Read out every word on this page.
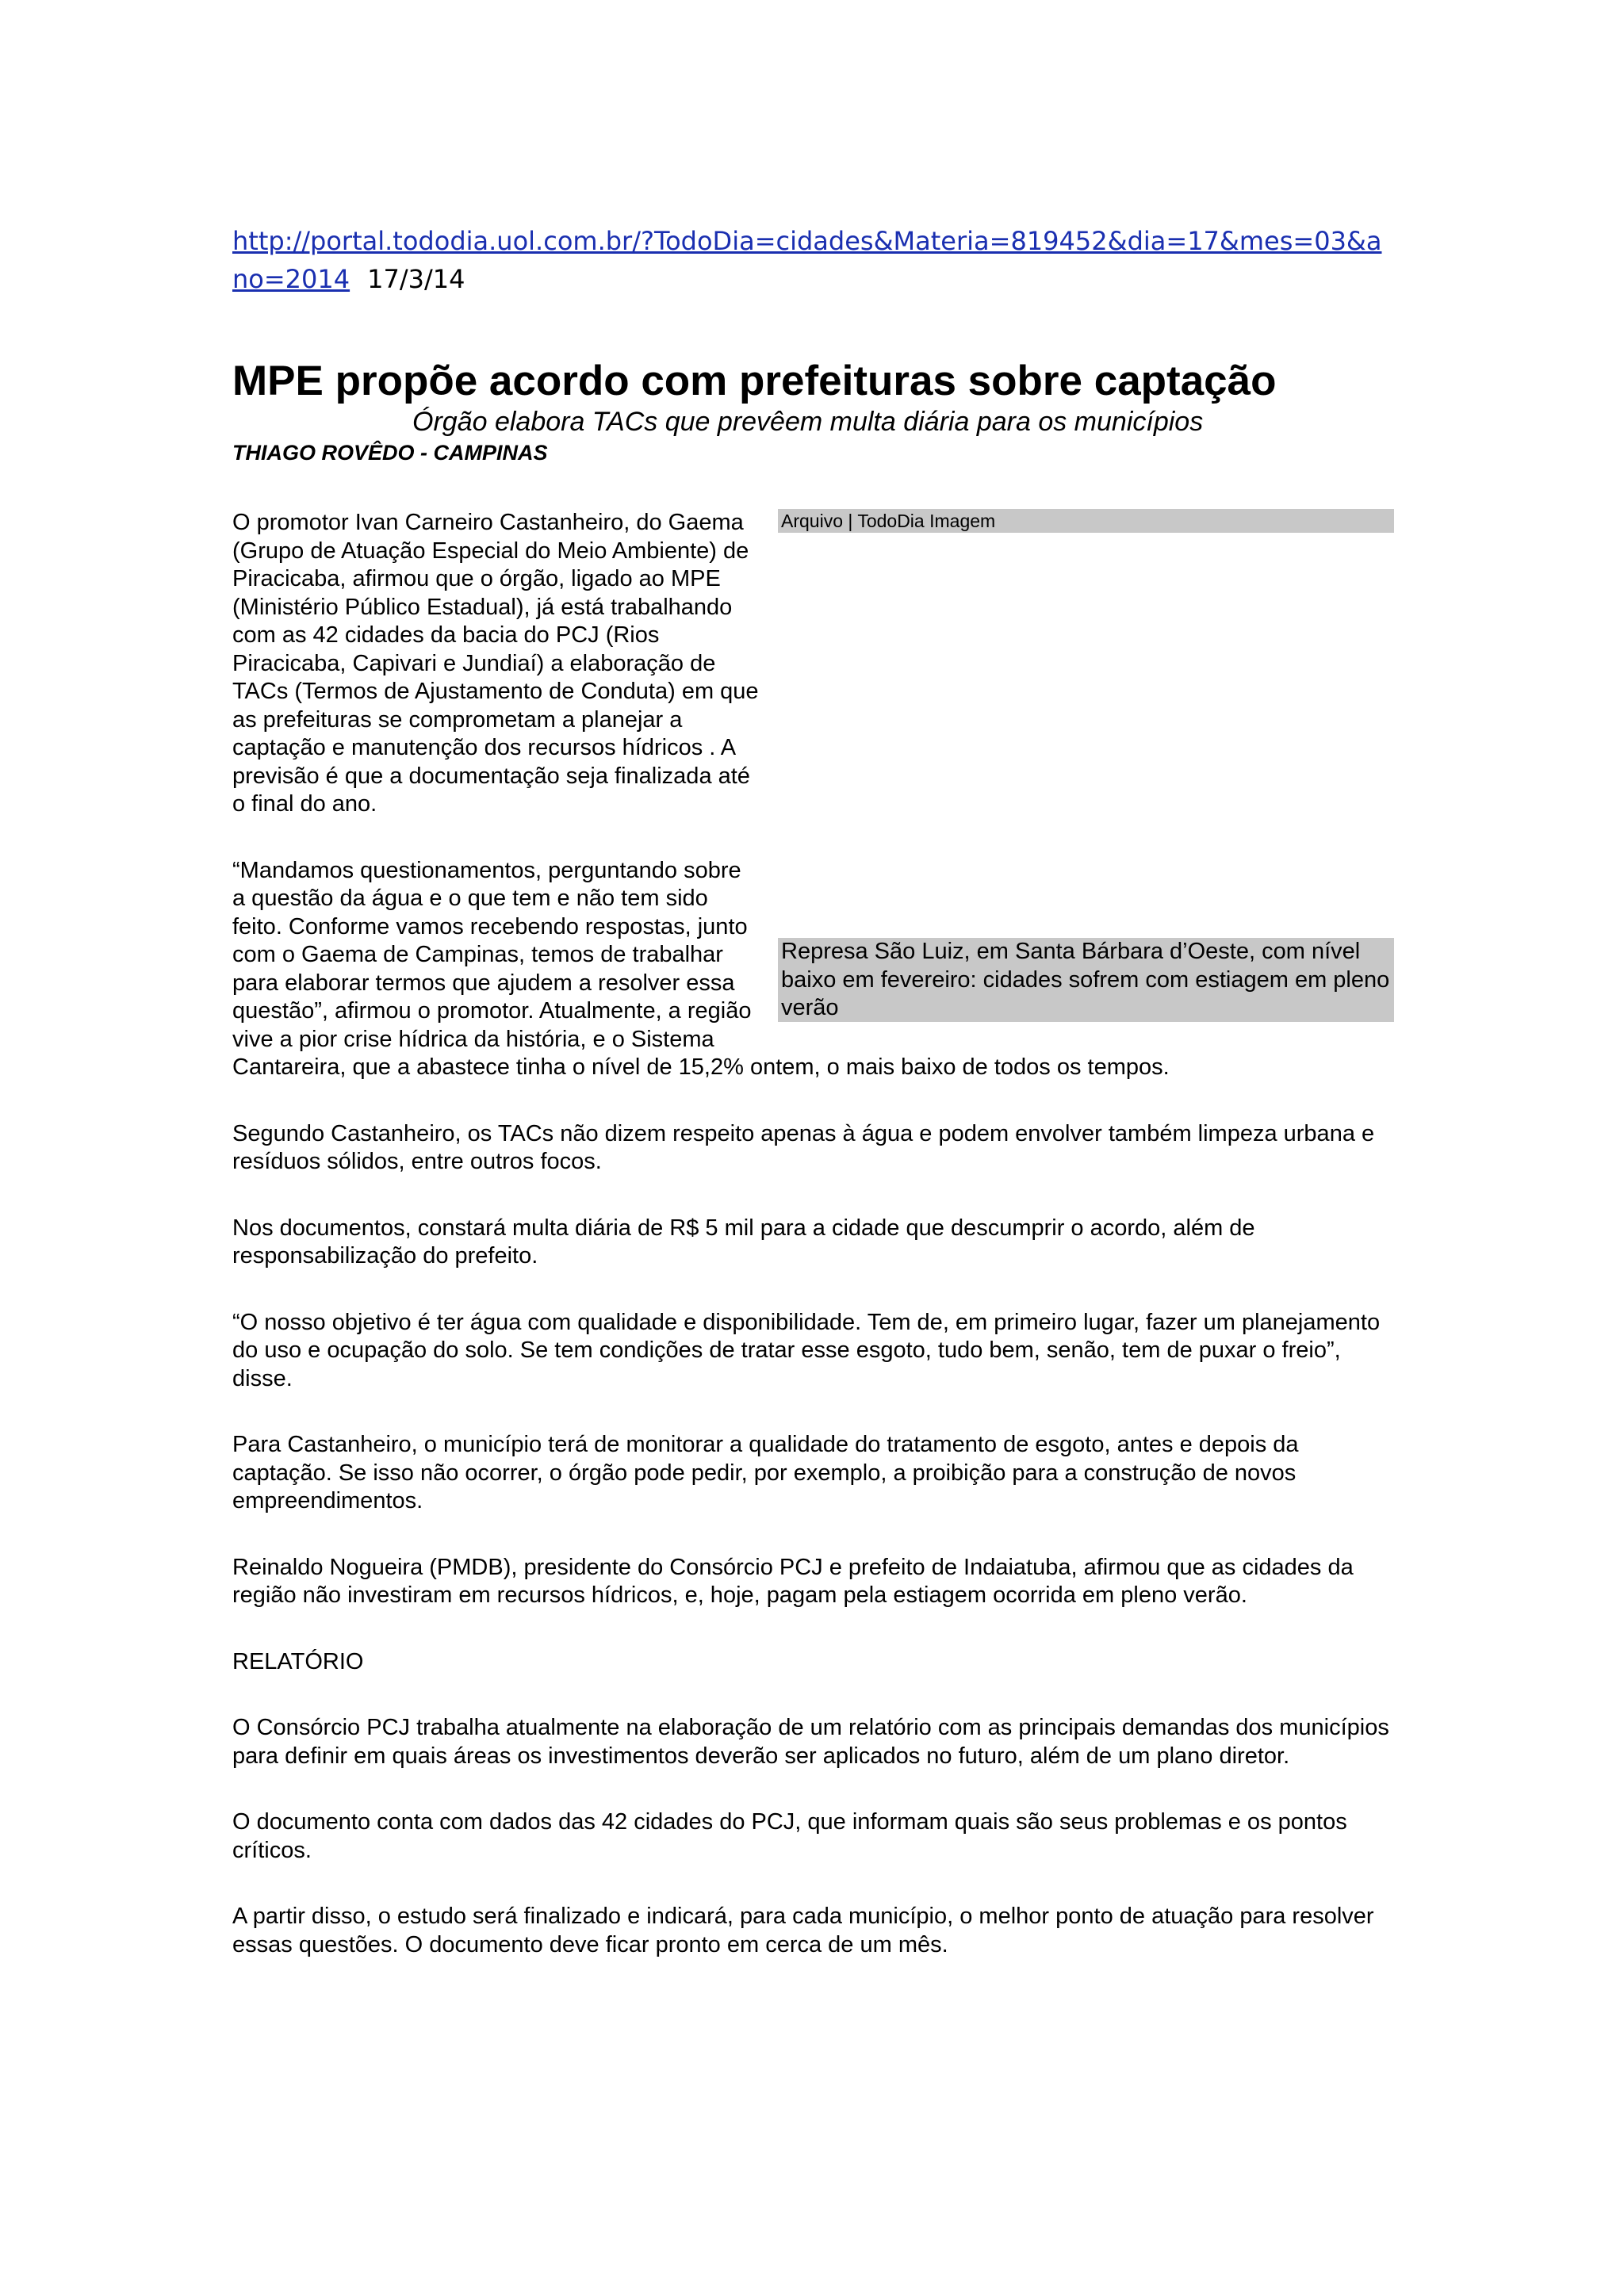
http://portal.tododia.uol.com.br/?TodoDia=cidades&Materia=819452&dia=17&mes=03&ano=2014 17/3/14

MPE propõe acordo com prefeituras sobre captação

Órgão elabora TACs que prevêem multa diária para os municípios

THIAGO ROVÊDO - CAMPINAS

Arquivo | TodoDia Imagem
Represa São Luiz, em Santa Bárbara d’Oeste, com nível baixo em fevereiro: cidades sofrem com estiagem em pleno verão

O promotor Ivan Carneiro Castanheiro, do Gaema (Grupo de Atuação Especial do Meio Ambiente) de Piracicaba, afirmou que o órgão, ligado ao MPE (Ministério Público Estadual), já está trabalhando com as 42 cidades da bacia do PCJ (Rios Piracicaba, Capivari e Jundiaí) a elaboração de TACs (Termos de Ajustamento de Conduta) em que as prefeituras se comprometam a planejar a captação e manutenção dos recursos hídricos . A previsão é que a documentação seja finalizada até o final do ano.

“Mandamos questionamentos, perguntando sobre a questão da água e o que tem e não tem sido feito. Conforme vamos recebendo respostas, junto com o Gaema de Campinas, temos de trabalhar para elaborar termos que ajudem a resolver essa questão”, afirmou o promotor. Atualmente, a região vive a pior crise hídrica da história, e o Sistema Cantareira, que a abastece tinha o nível de 15,2% ontem, o mais baixo de todos os tempos.

Segundo Castanheiro, os TACs não dizem respeito apenas à água e podem envolver também limpeza urbana e resíduos sólidos, entre outros focos.

Nos documentos, constará multa diária de R$ 5 mil para a cidade que descumprir o acordo, além de responsabilização do prefeito.

“O nosso objetivo é ter água com qualidade e disponibilidade. Tem de, em primeiro lugar, fazer um planejamento do uso e ocupação do solo. Se tem condições de tratar esse esgoto, tudo bem, senão, tem de puxar o freio”, disse.

Para Castanheiro, o município terá de monitorar a qualidade do tratamento de esgoto, antes e depois da captação. Se isso não ocorrer, o órgão pode pedir, por exemplo, a proibição para a construção de novos empreendimentos.

Reinaldo Nogueira (PMDB), presidente do Consórcio PCJ e prefeito de Indaiatuba, afirmou que as cidades da região não investiram em recursos hídricos, e, hoje, pagam pela estiagem ocorrida em pleno verão.

RELATÓRIO

O Consórcio PCJ trabalha atualmente na elaboração de um relatório com as principais demandas dos municípios para definir em quais áreas os investimentos deverão ser aplicados no futuro, além de um plano diretor.

O documento conta com dados das 42 cidades do PCJ, que informam quais são seus problemas e os pontos críticos.

A partir disso, o estudo será finalizado e indicará, para cada município, o melhor ponto de atuação para resolver essas questões. O documento deve ficar pronto em cerca de um mês.
